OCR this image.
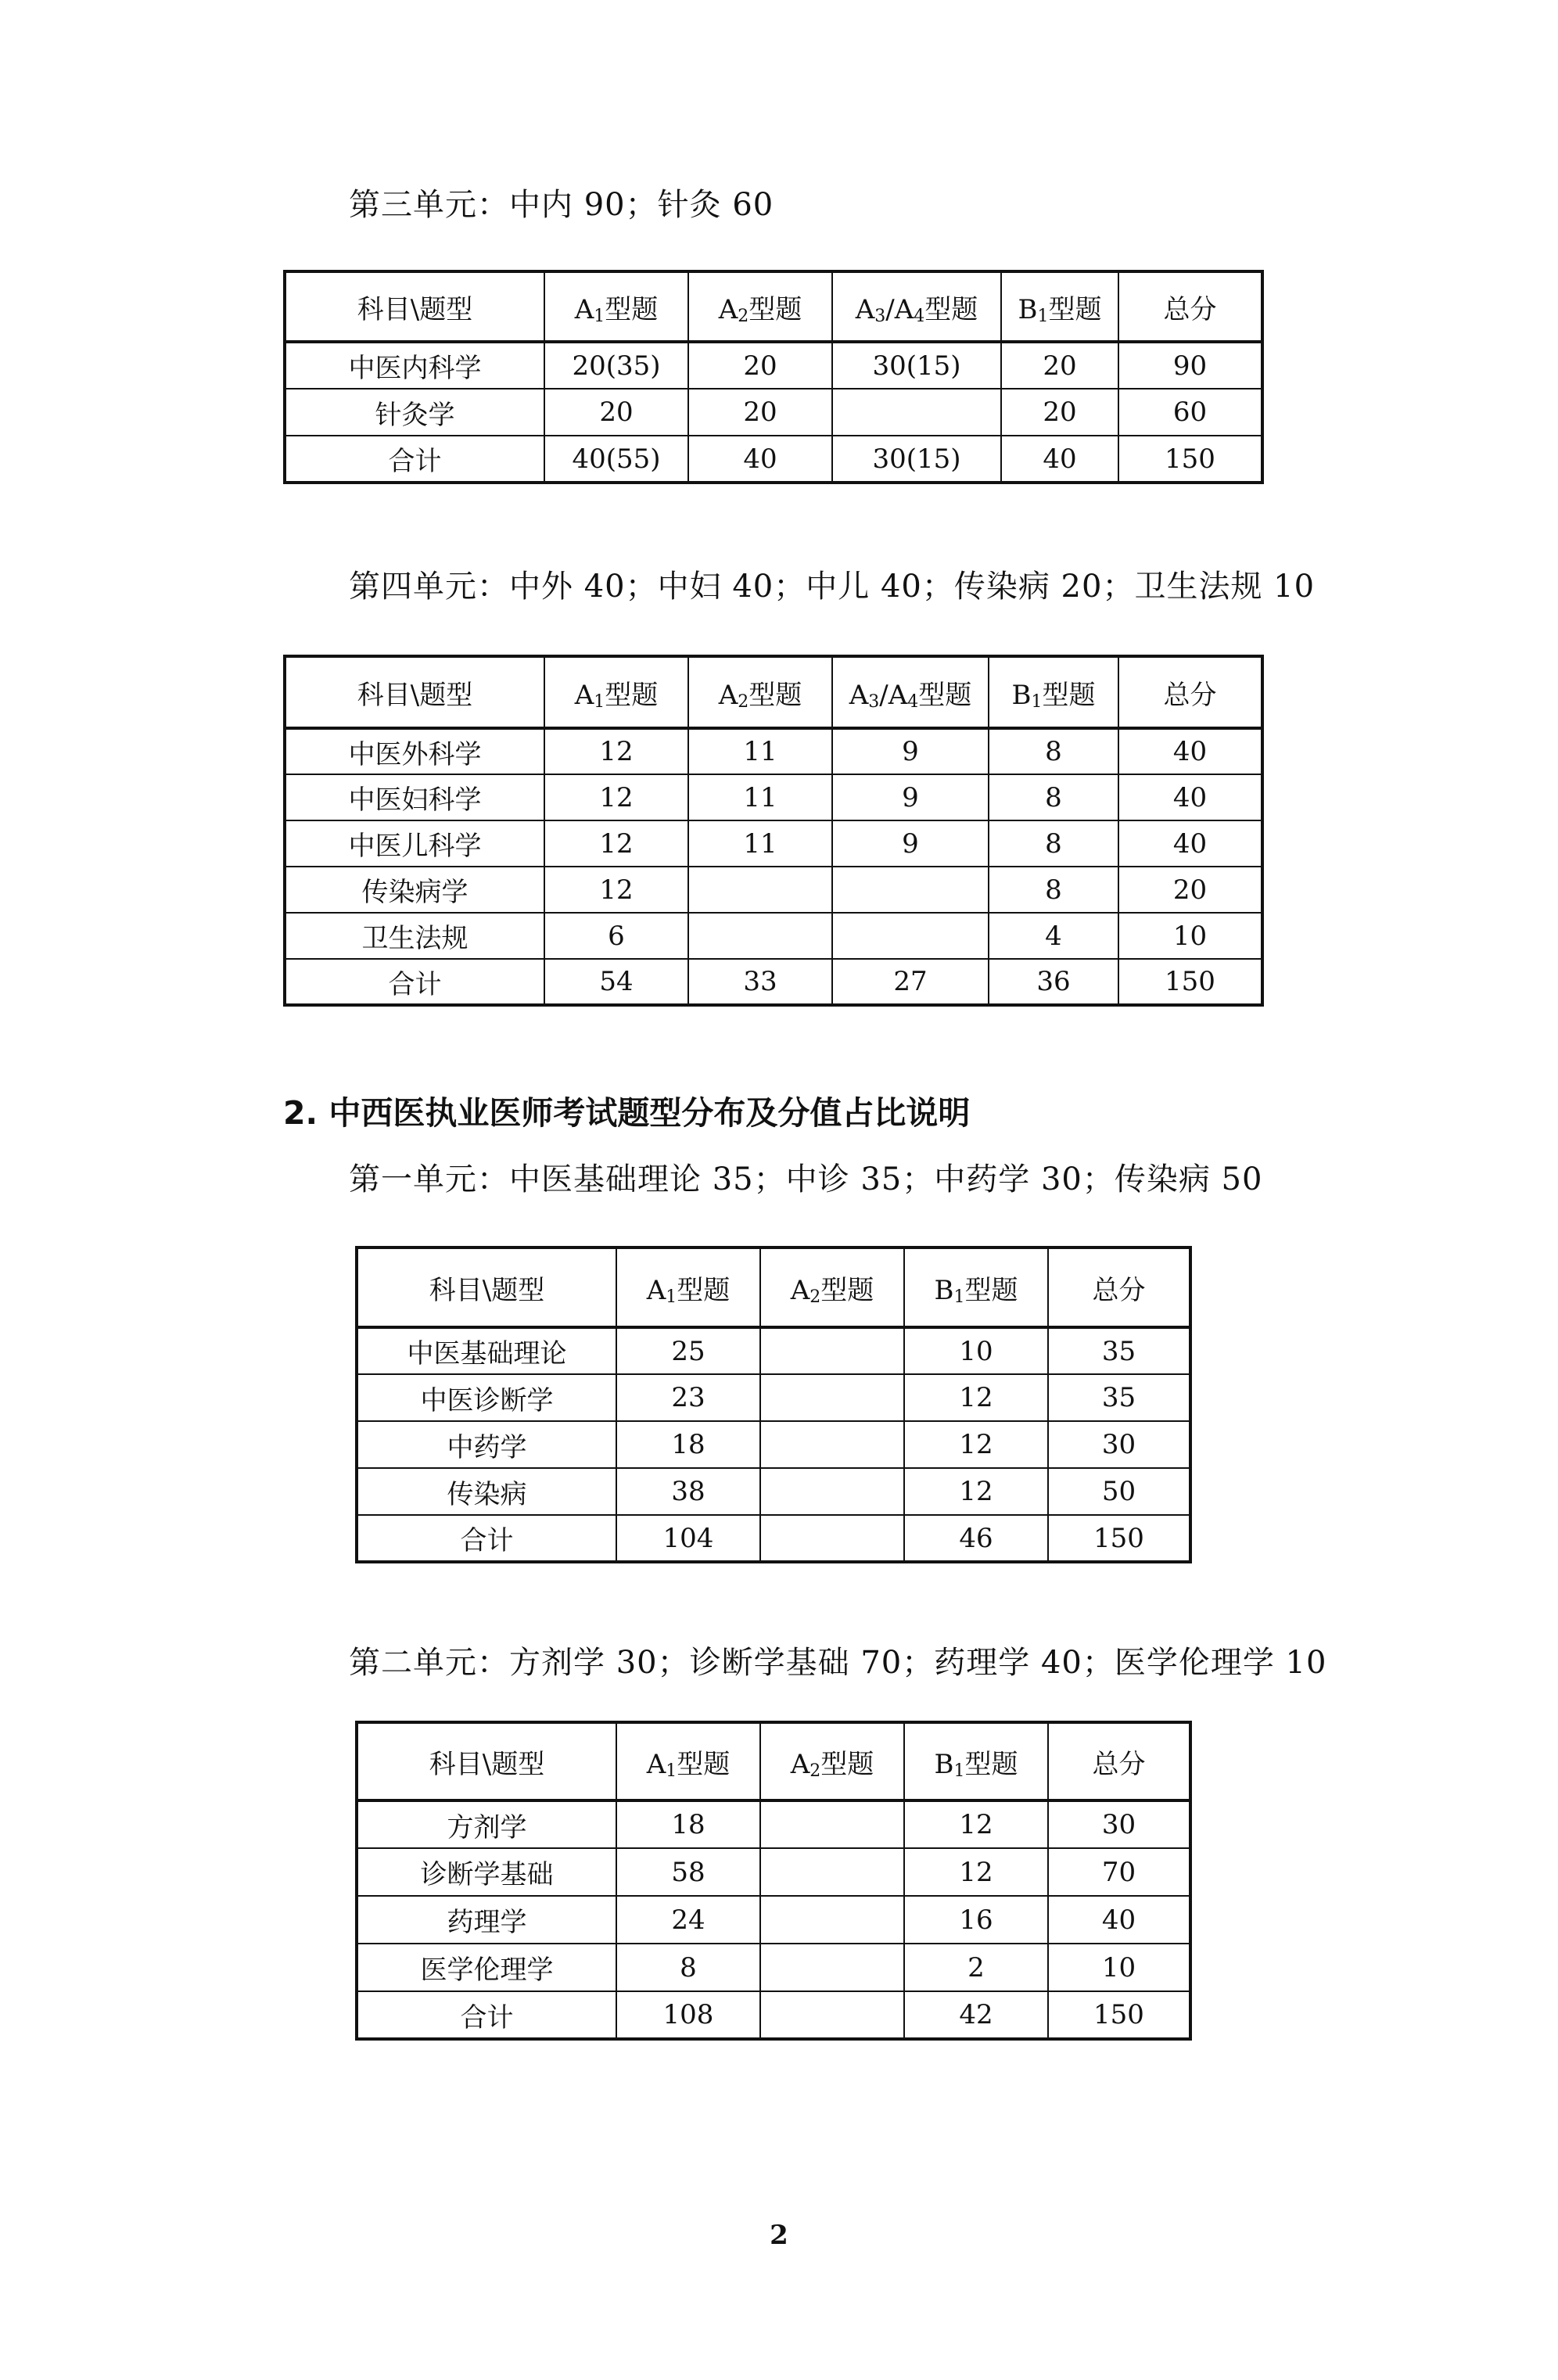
第三单元：中内 90；针灸 60
科目\题型	$A_1$型题	$A_2$型题	$A_3/A_4$型题	$B_1$型题	总分
中医内科学	20(35)	20	30(15)	20	90
针灸学	20	20		20	60
合计	40(55)	40	30(15)	40	150
第四单元：中外 40；中妇 40；中儿 40；传染病 20；卫生法规 10
科目\题型	$A_1$型题	$A_2$型题	$A_3/A_4$型题	$B_1$型题	总分
中医外科学	12	11	9	8	40
中医妇科学	12	11	9	8	40
中医儿科学	12	11	9	8	40
传染病学	12			8	20
卫生法规	6			4	10
合计	54	33	27	36	150
2. 中西医执业医师考试题型分布及分值占比说明
第一单元：中医基础理论 35；中诊 35；中药学 30；传染病 50
科目\题型	$A_1$型题	$A_2$型题	$B_1$型题	总分
中医基础理论	25		10	35
中医诊断学	23		12	35
中药学	18		12	30
传染病	38		12	50
合计	104		46	150
第二单元：方剂学 30；诊断学基础 70；药理学 40；医学伦理学 10
科目\题型	$A_1$型题	$A_2$型题	$B_1$型题	总分
方剂学	18		12	30
诊断学基础	58		12	70
药理学	24		16	40
医学伦理学	8		2	10
合计	108		42	150
2
